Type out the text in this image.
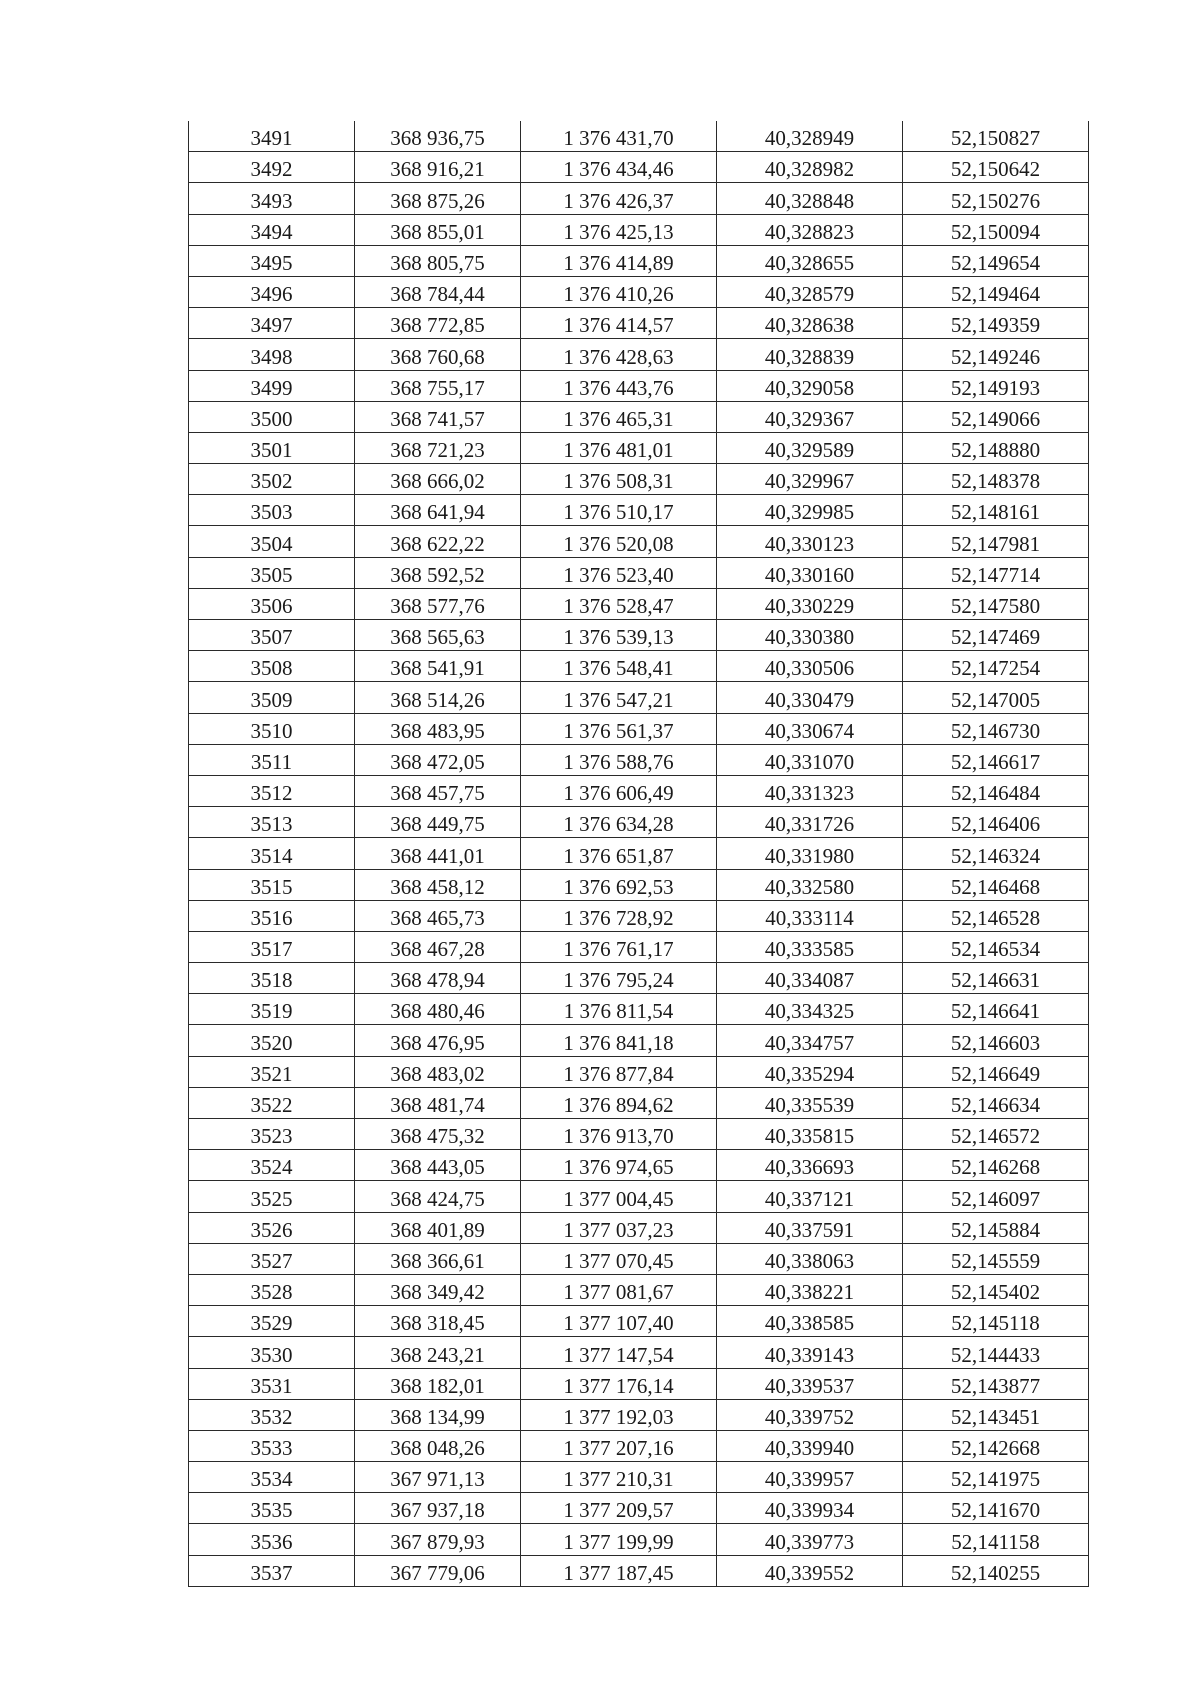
3491	368 936,75	1 376 431,70	40,328949	52,150827
3492	368 916,21	1 376 434,46	40,328982	52,150642
3493	368 875,26	1 376 426,37	40,328848	52,150276
3494	368 855,01	1 376 425,13	40,328823	52,150094
3495	368 805,75	1 376 414,89	40,328655	52,149654
3496	368 784,44	1 376 410,26	40,328579	52,149464
3497	368 772,85	1 376 414,57	40,328638	52,149359
3498	368 760,68	1 376 428,63	40,328839	52,149246
3499	368 755,17	1 376 443,76	40,329058	52,149193
3500	368 741,57	1 376 465,31	40,329367	52,149066
3501	368 721,23	1 376 481,01	40,329589	52,148880
3502	368 666,02	1 376 508,31	40,329967	52,148378
3503	368 641,94	1 376 510,17	40,329985	52,148161
3504	368 622,22	1 376 520,08	40,330123	52,147981
3505	368 592,52	1 376 523,40	40,330160	52,147714
3506	368 577,76	1 376 528,47	40,330229	52,147580
3507	368 565,63	1 376 539,13	40,330380	52,147469
3508	368 541,91	1 376 548,41	40,330506	52,147254
3509	368 514,26	1 376 547,21	40,330479	52,147005
3510	368 483,95	1 376 561,37	40,330674	52,146730
3511	368 472,05	1 376 588,76	40,331070	52,146617
3512	368 457,75	1 376 606,49	40,331323	52,146484
3513	368 449,75	1 376 634,28	40,331726	52,146406
3514	368 441,01	1 376 651,87	40,331980	52,146324
3515	368 458,12	1 376 692,53	40,332580	52,146468
3516	368 465,73	1 376 728,92	40,333114	52,146528
3517	368 467,28	1 376 761,17	40,333585	52,146534
3518	368 478,94	1 376 795,24	40,334087	52,146631
3519	368 480,46	1 376 811,54	40,334325	52,146641
3520	368 476,95	1 376 841,18	40,334757	52,146603
3521	368 483,02	1 376 877,84	40,335294	52,146649
3522	368 481,74	1 376 894,62	40,335539	52,146634
3523	368 475,32	1 376 913,70	40,335815	52,146572
3524	368 443,05	1 376 974,65	40,336693	52,146268
3525	368 424,75	1 377 004,45	40,337121	52,146097
3526	368 401,89	1 377 037,23	40,337591	52,145884
3527	368 366,61	1 377 070,45	40,338063	52,145559
3528	368 349,42	1 377 081,67	40,338221	52,145402
3529	368 318,45	1 377 107,40	40,338585	52,145118
3530	368 243,21	1 377 147,54	40,339143	52,144433
3531	368 182,01	1 377 176,14	40,339537	52,143877
3532	368 134,99	1 377 192,03	40,339752	52,143451
3533	368 048,26	1 377 207,16	40,339940	52,142668
3534	367 971,13	1 377 210,31	40,339957	52,141975
3535	367 937,18	1 377 209,57	40,339934	52,141670
3536	367 879,93	1 377 199,99	40,339773	52,141158
3537	367 779,06	1 377 187,45	40,339552	52,140255
